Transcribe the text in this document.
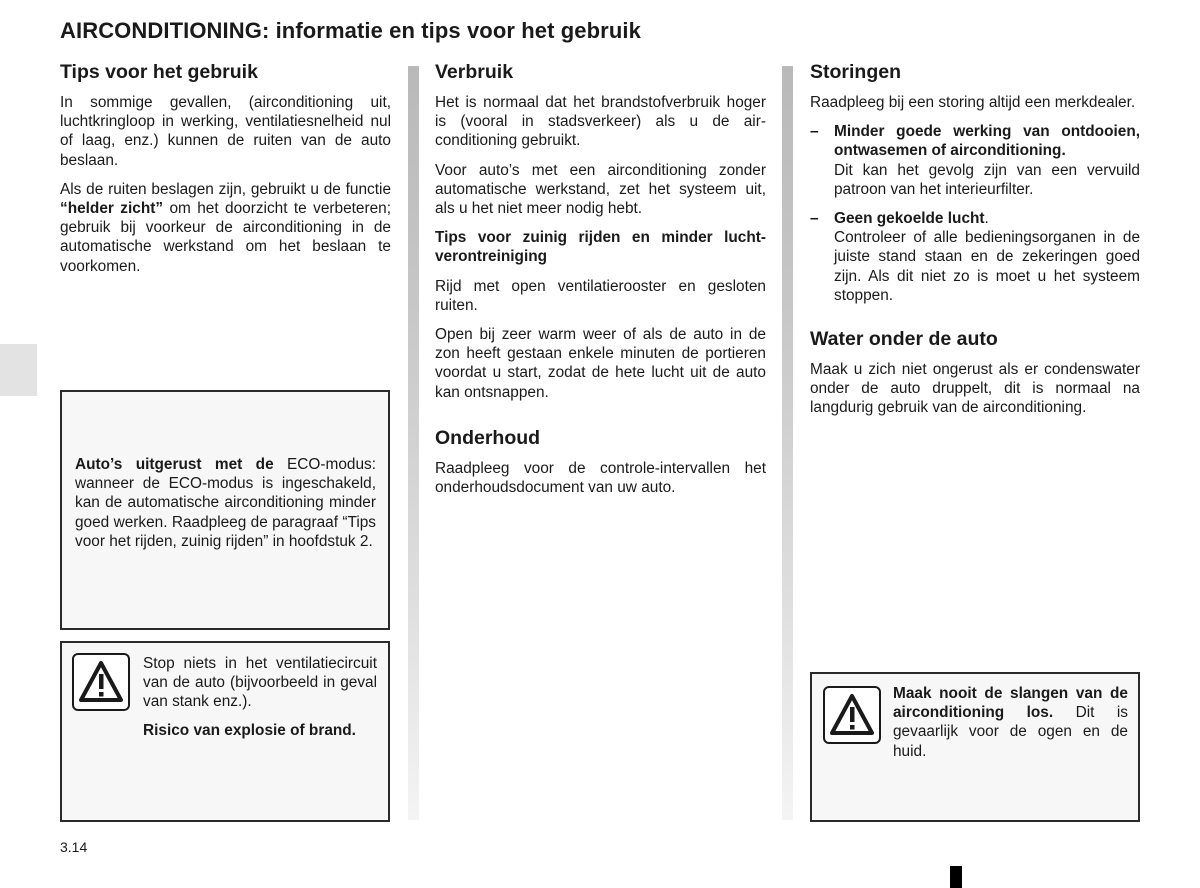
AIRCONDITIONING: informatie en tips voor het gebruik
Tips voor het gebruik

In sommige gevallen, (airconditioning uit, luchtkringloop in werking, ventilatiesnelheid nul of laag, enz.) kunnen de ruiten van de auto beslaan.

Als de ruiten beslagen zijn, gebruikt u de functie “helder zicht” om het doorzicht te verbeteren; gebruik bij voorkeur de airconditioning in de automatische werkstand om het beslaan te voorkomen.

Auto’s uitgerust met de ECO-modus: wanneer de ECO-modus is ingeschakeld, kan de automatische airconditioning minder goed werken. Raadpleeg de paragraaf “Tips voor het rijden, zuinig rijden” in hoofdstuk 2.

Stop niets in het ventilatiecircuit van de auto (bijvoorbeeld in geval van stank enz.).

Risico van explosie of brand.

Verbruik

Het is normaal dat het brandstofverbruik hoger is (vooral in stadsverkeer) als u de airconditioning gebruikt.

Voor auto’s met een airconditioning zonder automatische werkstand, zet het systeem uit, als u het niet meer nodig hebt.

Tips voor zuinig rijden en minder luchtverontreiniging

Rijd met open ventilatierooster en gesloten ruiten.

Open bij zeer warm weer of als de auto in de zon heeft gestaan enkele minuten de portieren voordat u start, zodat de hete lucht uit de auto kan ontsnappen.

Onderhoud

Raadpleeg voor de controle-intervallen het onderhoudsdocument van uw auto.

Storingen

Raadpleeg bij een storing altijd een merkdealer.

–	Minder goede werking van ontdooien, ontwasemen of airconditioning.
Dit kan het gevolg zijn van een vervuild patroon van het interieurfilter.
–	Geen gekoelde lucht.
Controleer of alle bedieningsorganen in de juiste stand staan en de zekeringen goed zijn. Als dit niet zo is moet u het systeem stoppen.
Water onder de auto

Maak u zich niet ongerust als er condenswater onder de auto druppelt, dit is normaal na langdurig gebruik van de airconditioning.

Maak nooit de slangen van de airconditioning los. Dit is gevaarlijk voor de ogen en de huid.

3.14
